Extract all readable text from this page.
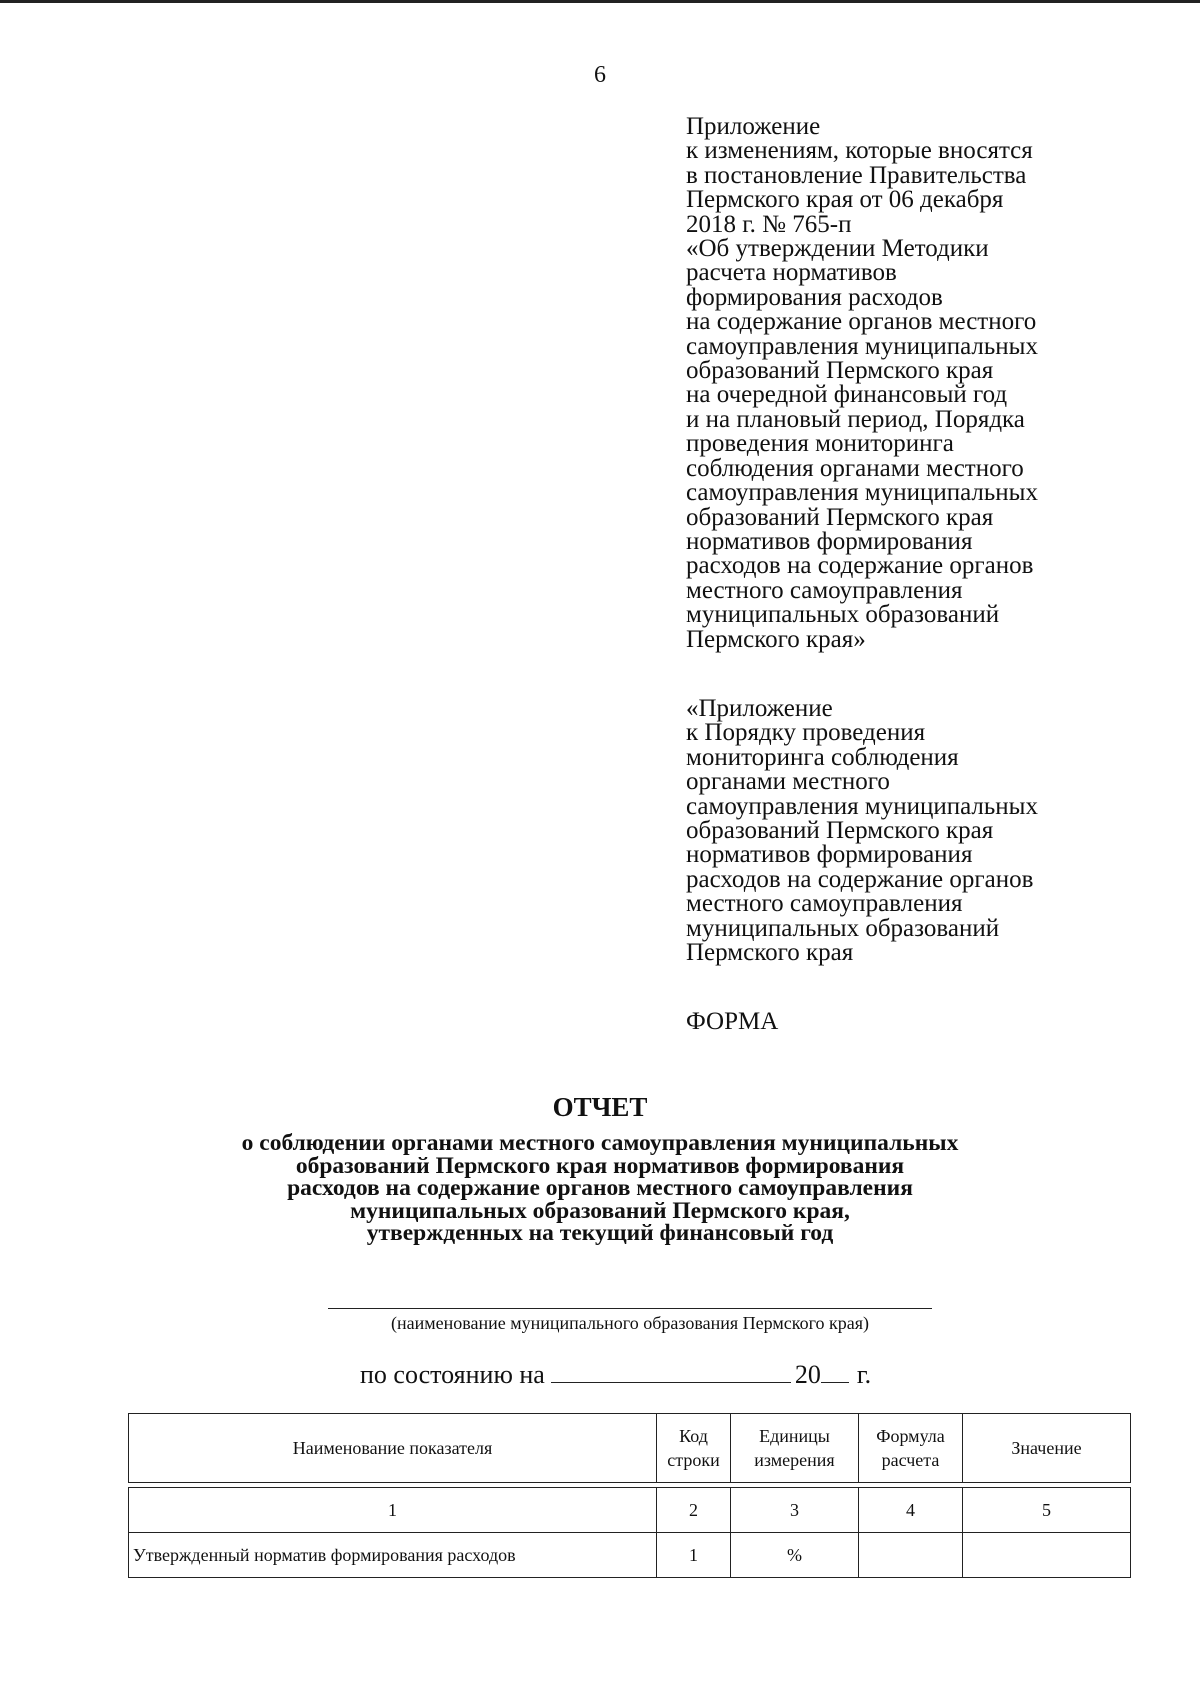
6
Приложение
к изменениям, которые вносятся
в постановление Правительства
Пермского края от 06 декабря
2018 г. № 765-п
«Об утверждении Методики
расчета нормативов
формирования расходов
на содержание органов местного
самоуправления муниципальных
образований Пермского края
на очередной финансовый год
и на плановый период, Порядка
проведения мониторинга
соблюдения органами местного
самоуправления муниципальных
образований Пермского края
нормативов формирования
расходов на содержание органов
местного самоуправления
муниципальных образований
Пермского края»
«Приложение
к Порядку проведения
мониторинга соблюдения
органами местного
самоуправления муниципальных
образований Пермского края
нормативов формирования
расходов на содержание органов
местного самоуправления
муниципальных образований
Пермского края
ФОРМА
ОТЧЕТ
о соблюдении органами местного самоуправления муниципальных
образований Пермского края нормативов формирования
расходов на содержание органов местного самоуправления
муниципальных образований Пермского края,
утвержденных на текущий финансовый год
(наименование муниципального образования Пермского края)
по состоянию на	20 г.
Наименование показателя	Код строки	Единицы измерения	Формула расчета	Значение

1	2	3	4	5
Утвержденный норматив формирования расходов	1	%		
